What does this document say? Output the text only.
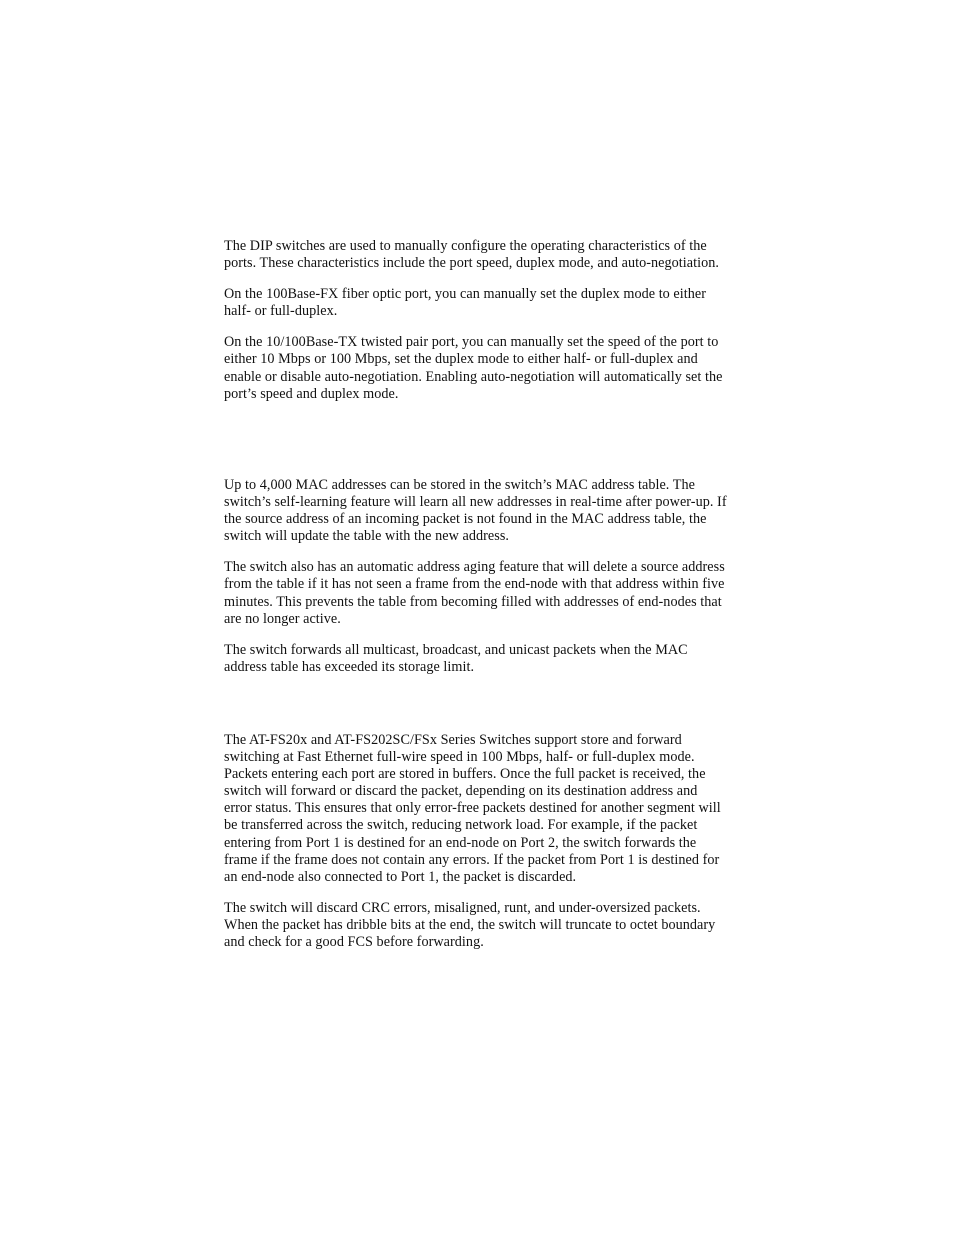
The DIP switches are used to manually configure the operating characteristics of the ports. These characteristics include the port speed, duplex mode, and auto-negotiation.

On the 100Base-FX fiber optic port, you can manually set the duplex mode to either half- or full-duplex.

On the 10/100Base-TX twisted pair port, you can manually set the speed of the port to either 10 Mbps or 100 Mbps, set the duplex mode to either half- or full-duplex and enable or disable auto-negotiation. Enabling auto-negotiation will automatically set the port’s speed and duplex mode.

Up to 4,000 MAC addresses can be stored in the switch’s MAC address table. The switch’s self-learning feature will learn all new addresses in real-time after power-up. If the source address of an incoming packet is not found in the MAC address table, the switch will update the table with the new address.

The switch also has an automatic address aging feature that will delete a source address from the table if it has not seen a frame from the end-node with that address within five minutes. This prevents the table from becoming filled with addresses of end-nodes that are no longer active.

The switch forwards all multicast, broadcast, and unicast packets when the MAC address table has exceeded its storage limit.

The AT-FS20x and AT-FS202SC/FSx Series Switches support store and forward switching at Fast Ethernet full-wire speed in 100 Mbps, half- or full-duplex mode. Packets entering each port are stored in buffers. Once the full packet is received, the switch will forward or discard the packet, depending on its destination address and error status. This ensures that only error-free packets destined for another segment will be transferred across the switch, reducing network load. For example, if the packet entering from Port 1 is destined for an end-node on Port 2, the switch forwards the frame if the frame does not contain any errors. If the packet from Port 1 is destined for an end-node also connected to Port 1, the packet is discarded.

The switch will discard CRC errors, misaligned, runt, and under-oversized packets. When the packet has dribble bits at the end, the switch will truncate to octet boundary and check for a good FCS before forwarding.
